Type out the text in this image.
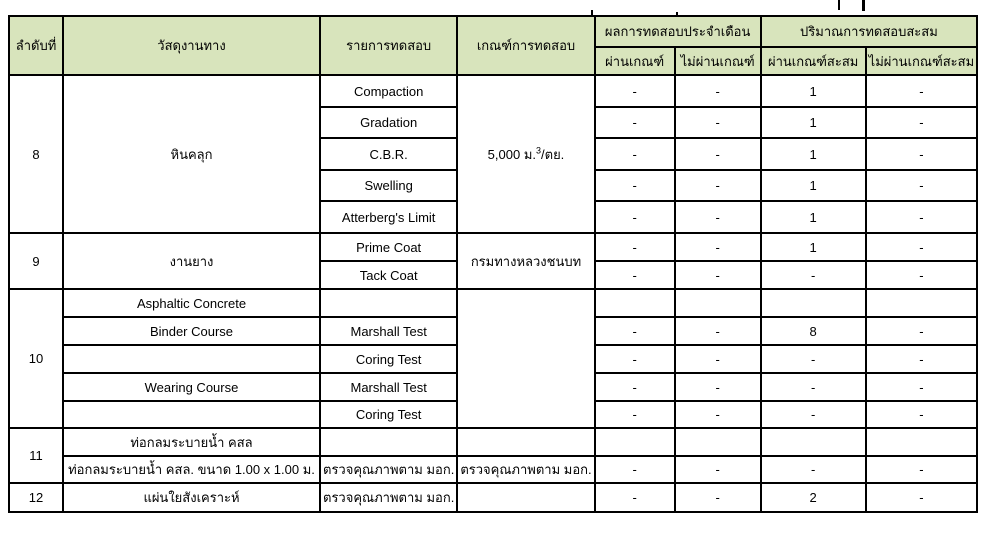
ลำดับที่	วัสดุงานทาง	รายการทดสอบ	เกณฑ์การทดสอบ	ผลการทดสอบประจำเดือน		ปริมาณการทดสอบสะสม	
				ผ่านเกณฑ์	ไม่ผ่านเกณฑ์	ผ่านเกณฑ์สะสม	ไม่ผ่านเกณฑ์สะสม
8	หินคลุก	Compaction	5,000 ม.$^3$/ตย.	-	-	1	-
		Gradation		-	-	1	-
		C.B.R.		-	-	1	-
		Swelling		-	-	1	-
		Atterberg's Limit		-	-	1	-
9	งานยาง	Prime Coat	กรมทางหลวงชนบท	-	-	1	-
		Tack Coat		-	-	-	-
10	Asphaltic Concrete						
	Binder Course	Marshall Test		-	-	8	-
		Coring Test		-	-	-	-
	Wearing Course	Marshall Test		-	-	-	-
		Coring Test		-	-	-	-
11	ท่อกลมระบายน้ำ คสล						
	ท่อกลมระบายน้ำ คสล. ขนาด 1.00 x 1.00 ม.	ตรวจคุณภาพตาม มอก.	ตรวจคุณภาพตาม มอก.	-	-	-	-
12	แผ่นใยสังเคราะห์	ตรวจคุณภาพตาม มอก.		-	-	2	-
